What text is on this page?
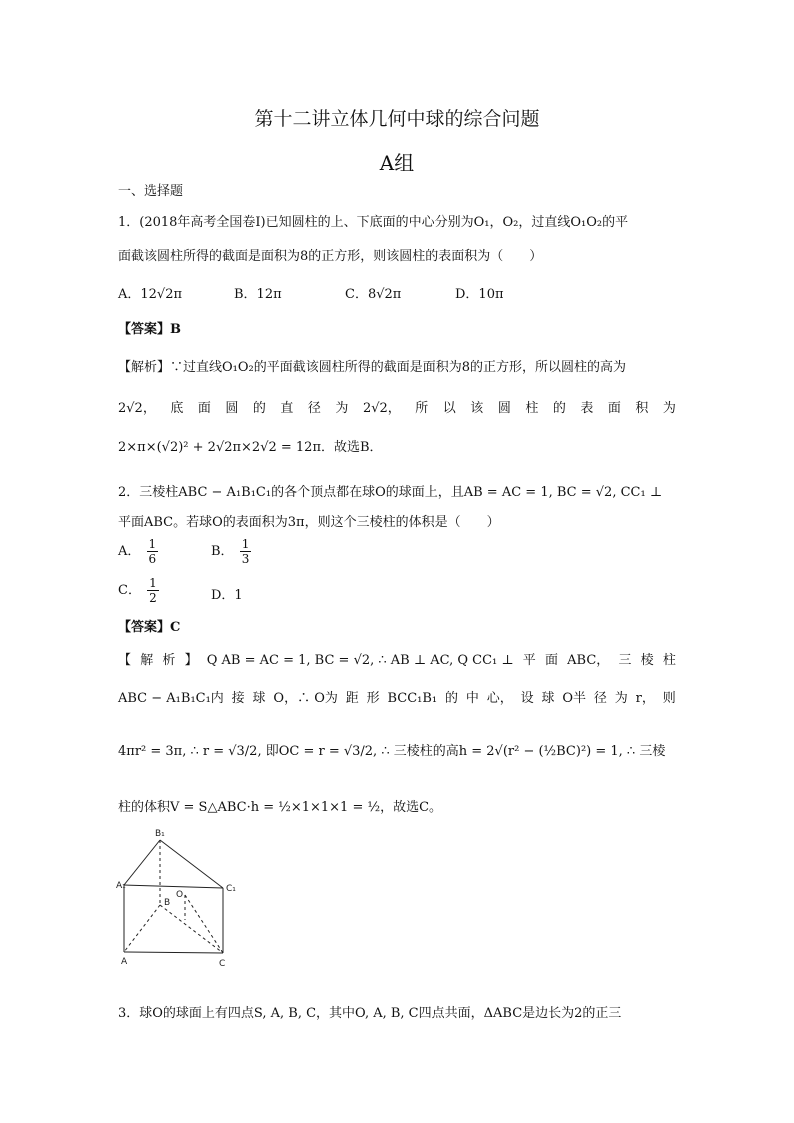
第十二讲立体几何中球的综合问题
A组
一、选择题
1．(2018年高考全国卷Ⅰ)已知圆柱的上、下底面的中心分别为O₁，O₂，过直线O₁O₂的平
面截该圆柱所得的截面是面积为8的正方形，则该圆柱的表面积为（　　）
A．12√2π	B．12π	C．8√2π	D．10π
【答案】B
【解析】∵过直线O₁O₂的平面截该圆柱所得的截面是面积为8的正方形，所以圆柱的高为
2√2， 底 面 圆 的 直 径 为 2√2， 所 以 该 圆 柱 的 表 面 积 为
2×π×(√2)² + 2√2π×2√2 = 12π．故选B．
2．三棱柱ABC − A₁B₁C₁的各个顶点都在球O的球面上，且AB = AC = 1, BC = √2, CC₁ ⊥
平面ABC。若球O的表面积为3π，则这个三棱柱的体积是（　　）
A． $\frac{1}{6}$	B． $\frac{1}{3}$
C． $\frac{1}{2}$	D．1
【答案】C
【 解 析 】 Q AB = AC = 1, BC = √2, ∴ AB ⊥ AC, Q CC₁ ⊥ 平 面 ABC， 三 棱 柱
ABC − A₁B₁C₁内 接 球 O，∴ O为 距 形 BCC₁B₁ 的 中 心， 设 球 O半 径 为 r， 则
4πr² = 3π, ∴ r = √3/2, 即OC = r = √3/2, ∴ 三棱柱的高h = 2√(r² − (½BC)²) = 1, ∴ 三棱
柱的体积V = S△ABC·h = ½×1×1×1 = ½，故选C。
B₁
A₁	C₁
O
B
A	C
3．球O的球面上有四点S, A, B, C，其中O, A, B, C四点共面，ΔABC是边长为2的正三
